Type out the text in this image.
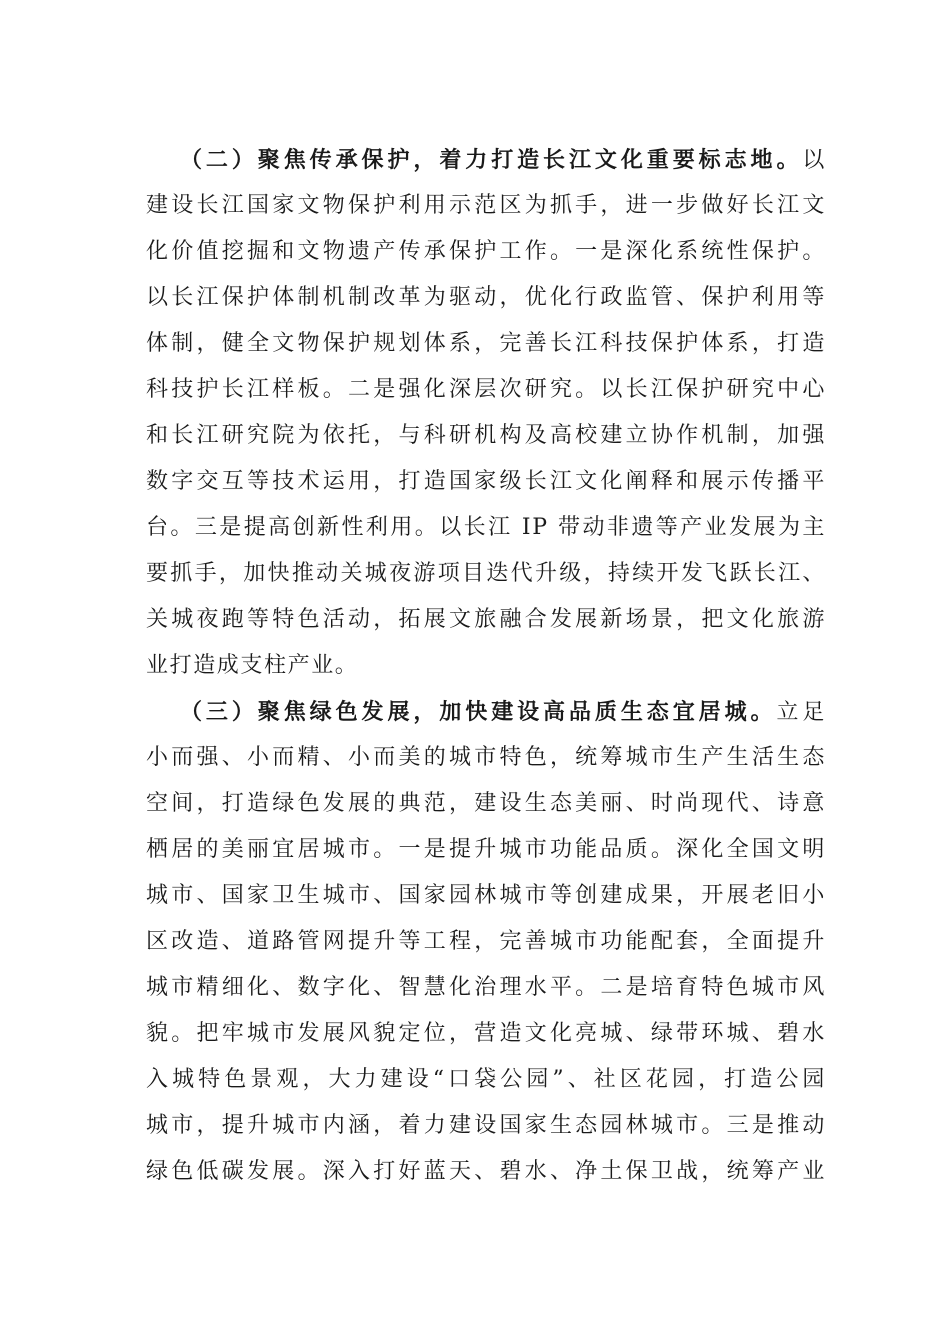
（二）聚焦传承保护，着力打造长江文化重要标志地。以
建设长江国家文物保护利用示范区为抓手，进一步做好长江文
化价值挖掘和文物遗产传承保护工作。一是深化系统性保护。
以长江保护体制机制改革为驱动，优化行政监管、保护利用等
体制，健全文物保护规划体系，完善长江科技保护体系，打造
科技护长江样板。二是强化深层次研究。以长江保护研究中心
和长江研究院为依托，与科研机构及高校建立协作机制，加强
数字交互等技术运用，打造国家级长江文化阐释和展示传播平
台。三是提高创新性利用。以长江 IP 带动非遗等产业发展为主
要抓手，加快推动关城夜游项目迭代升级，持续开发飞跃长江、
关城夜跑等特色活动，拓展文旅融合发展新场景，把文化旅游
业打造成支柱产业。
（三）聚焦绿色发展，加快建设高品质生态宜居城。立足
小而强、小而精、小而美的城市特色，统筹城市生产生活生态
空间，打造绿色发展的典范，建设生态美丽、时尚现代、诗意
栖居的美丽宜居城市。一是提升城市功能品质。深化全国文明
城市、国家卫生城市、国家园林城市等创建成果，开展老旧小
区改造、道路管网提升等工程，完善城市功能配套，全面提升
城市精细化、数字化、智慧化治理水平。二是培育特色城市风
貌。把牢城市发展风貌定位，营造文化亮城、绿带环城、碧水
入城特色景观，大力建设“口袋公园”、社区花园，打造公园
城市，提升城市内涵，着力建设国家生态园林城市。三是推动
绿色低碳发展。深入打好蓝天、碧水、净土保卫战，统筹产业
